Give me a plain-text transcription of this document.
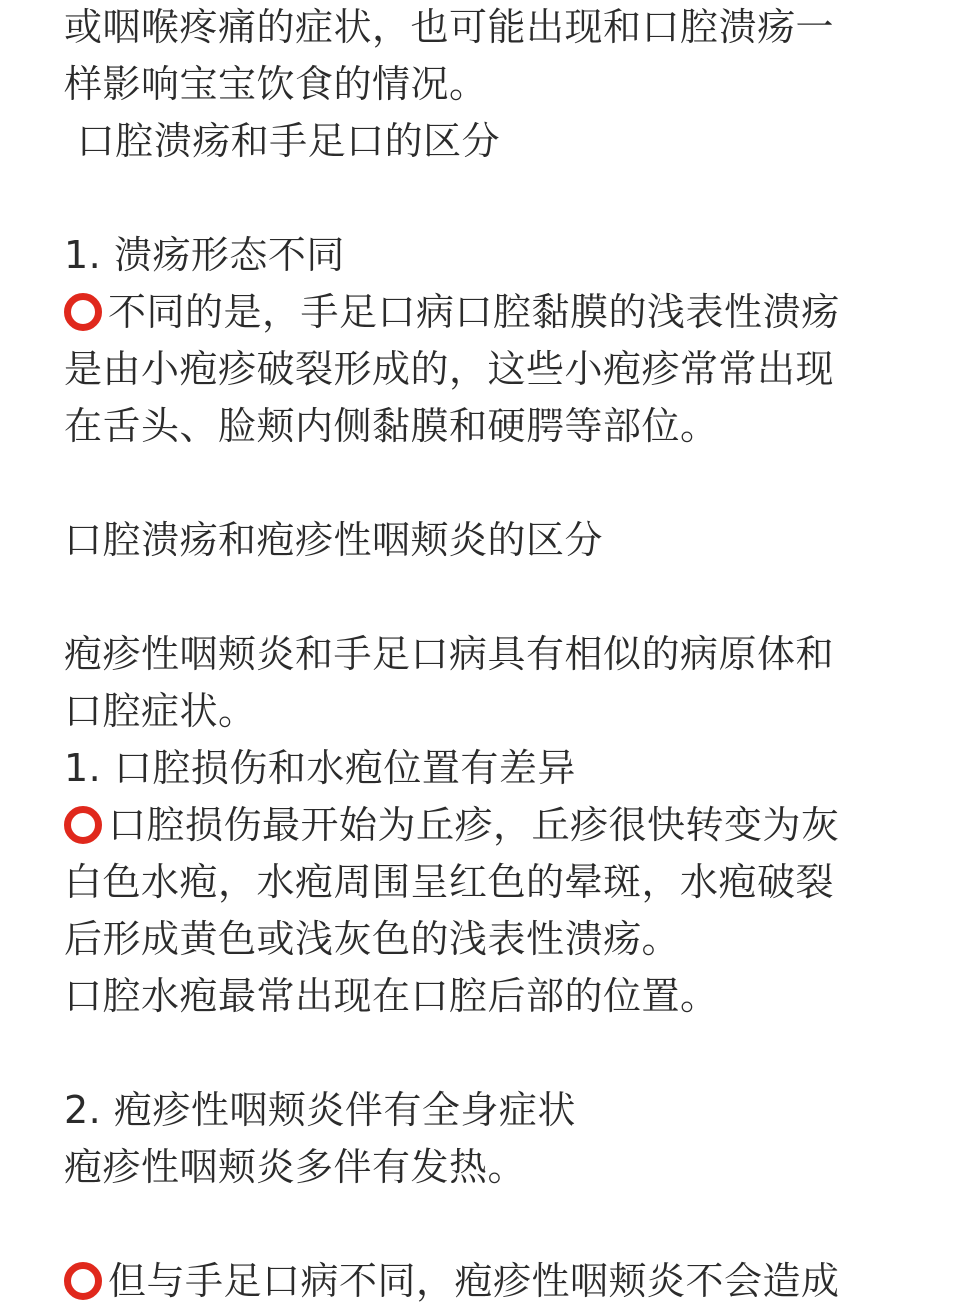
或咽喉疼痛的症状，也可能出现和口腔溃疡一
样影响宝宝饮食的情况。
口腔溃疡和手足口的区分
1. 溃疡形态不同
不同的是，手足口病口腔黏膜的浅表性溃疡
是由小疱疹破裂形成的，这些小疱疹常常出现
在舌头、脸颊内侧黏膜和硬腭等部位。
口腔溃疡和疱疹性咽颊炎的区分
疱疹性咽颊炎和手足口病具有相似的病原体和
口腔症状。
1. 口腔损伤和水疱位置有差异
口腔损伤最开始为丘疹，丘疹很快转变为灰
白色水疱，水疱周围呈红色的晕斑，水疱破裂
后形成黄色或浅灰色的浅表性溃疡。
口腔水疱最常出现在口腔后部的位置。
2. 疱疹性咽颊炎伴有全身症状
疱疹性咽颊炎多伴有发热。
但与手足口病不同，疱疹性咽颊炎不会造成
